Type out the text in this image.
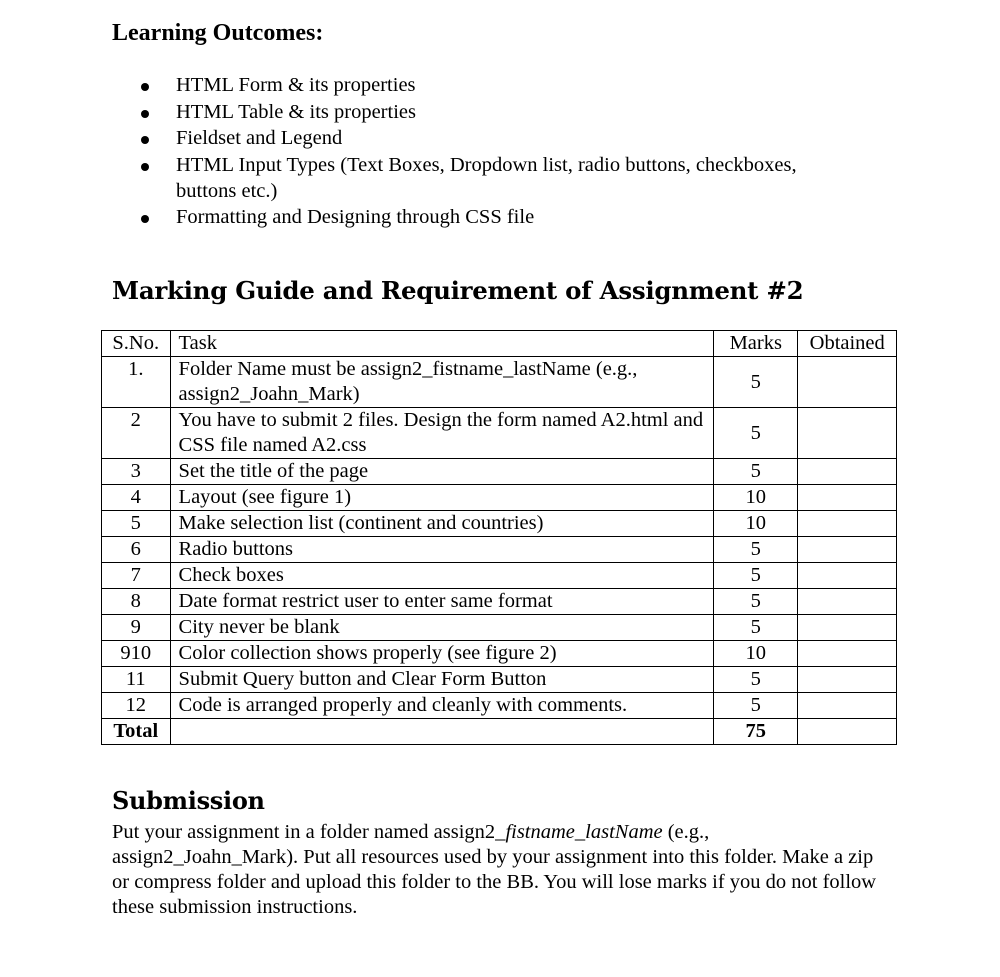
Learning Outcomes:
HTML Form & its properties
HTML Table & its properties
Fieldset and Legend
HTML Input Types (Text Boxes, Dropdown list, radio buttons, checkboxes, buttons etc.)
Formatting and Designing through CSS file
Marking Guide and Requirement of Assignment #2
S.No.	Task	Marks	Obtained
1.	Folder Name must be assign2_fistname_lastName (e.g., assign2_Joahn_Mark)	5	
2	You have to submit 2 files. Design the form named A2.html and CSS file named A2.css	5	
3	Set the title of the page	5	
4	Layout (see figure 1)	10	
5	Make selection list (continent and countries)	10	
6	Radio buttons	5	
7	Check boxes	5	
8	Date format restrict user to enter same format	5	
9	City never be blank	5	
910	Color collection shows properly (see figure 2)	10	
11	Submit Query button and Clear Form Button	5	
12	Code is arranged properly and cleanly with comments.	5	
Total		75	
Submission

Put your assignment in a folder named assign2_fistname_lastName (e.g., assign2_Joahn_Mark). Put all resources used by your assignment into this folder. Make a zip or compress folder and upload this folder to the BB. You will lose marks if you do not follow these submission instructions.
